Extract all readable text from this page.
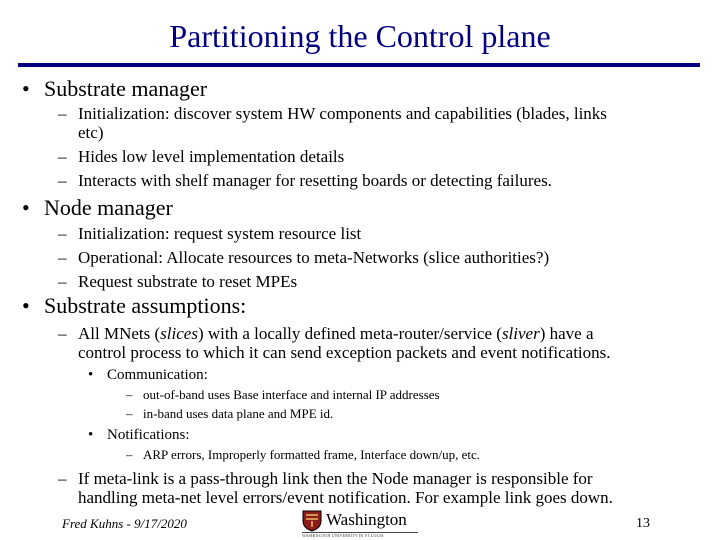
Partitioning the Control plane
• Substrate manager
– Initialization: discover system HW components and capabilities (blades, links
etc)
– Hides low level implementation details
– Interacts with shelf manager for resetting boards or detecting failures.
• Node manager
– Initialization: request system resource list
– Operational: Allocate resources to meta-Networks (slice authorities?)
– Request substrate to reset MPEs
• Substrate assumptions:
– All MNets (slices) with a locally defined meta-router/service (sliver) have a
control process to which it can send exception packets and event notifications.
• Communication:
– out-of-band uses Base interface and internal IP addresses
– in-band uses data plane and MPE id.
• Notifications:
– ARP errors, Improperly formatted frame, Interface down/up, etc.
– If meta-link is a pass-through link then the Node manager is responsible for
handling meta-net level errors/event notification. For example link goes down.
Fred Kuhns - 9/17/2020	Washington
WASHINGTON UNIVERSITY IN ST LOUIS
13
